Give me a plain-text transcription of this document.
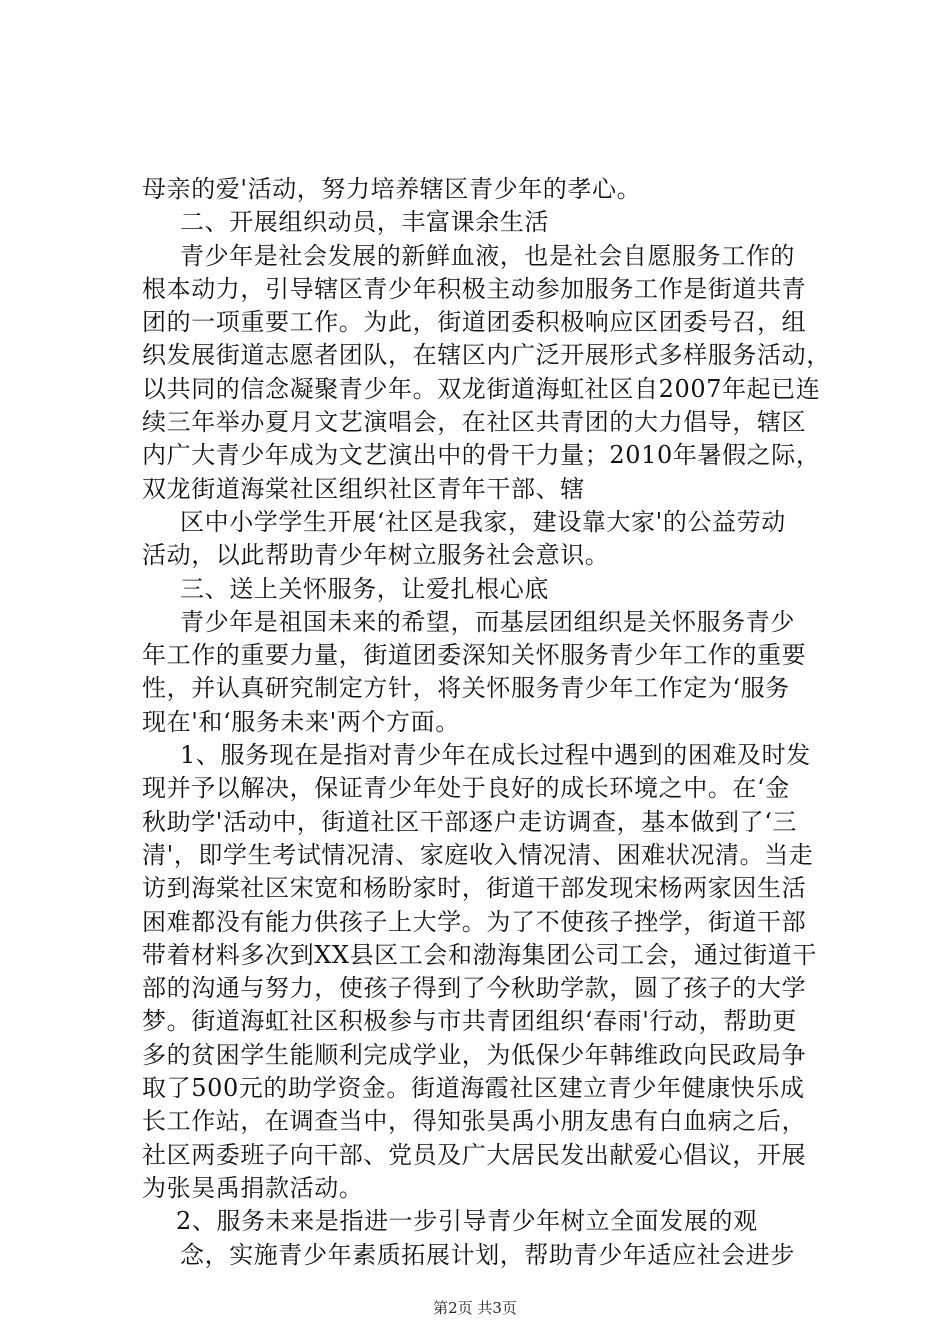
母亲的爱'活动，努力培养辖区青少年的孝心。
二、开展组织动员，丰富课余生活
青少年是社会发展的新鲜血液，也是社会自愿服务工作的
根本动力，引导辖区青少年积极主动参加服务工作是街道共青
团的一项重要工作。为此，街道团委积极响应区团委号召，组
织发展街道志愿者团队，在辖区内广泛开展形式多样服务活动，
以共同的信念凝聚青少年。双龙街道海虹社区自2007年起已连
续三年举办夏月文艺演唱会，在社区共青团的大力倡导，辖区
内广大青少年成为文艺演出中的骨干力量；2010年暑假之际，
双龙街道海棠社区组织社区青年干部、辖
区中小学学生开展‘社区是我家，建设靠大家'的公益劳动
活动，以此帮助青少年树立服务社会意识。
三、送上关怀服务，让爱扎根心底
青少年是祖国未来的希望，而基层团组织是关怀服务青少
年工作的重要力量，街道团委深知关怀服务青少年工作的重要
性，并认真研究制定方针，将关怀服务青少年工作定为‘服务
现在'和‘服务未来'两个方面。
1、服务现在是指对青少年在成长过程中遇到的困难及时发
现并予以解决，保证青少年处于良好的成长环境之中。在‘金
秋助学'活动中，街道社区干部逐户走访调查，基本做到了‘三
清'，即学生考试情况清、家庭收入情况清、困难状况清。当走
访到海棠社区宋宽和杨盼家时，街道干部发现宋杨两家因生活
困难都没有能力供孩子上大学。为了不使孩子挫学，街道干部
带着材料多次到XX县区工会和渤海集团公司工会，通过街道干
部的沟通与努力，使孩子得到了今秋助学款，圆了孩子的大学
梦。街道海虹社区积极参与市共青团组织‘春雨'行动，帮助更
多的贫困学生能顺利完成学业，为低保少年韩维政向民政局争
取了500元的助学资金。街道海霞社区建立青少年健康快乐成
长工作站，在调查当中，得知张昊禹小朋友患有白血病之后，
社区两委班子向干部、党员及广大居民发出献爱心倡议，开展
为张昊禹捐款活动。
2、服务未来是指进一步引导青少年树立全面发展的观
念，实施青少年素质拓展计划，帮助青少年适应社会进步
第2页 共3页
